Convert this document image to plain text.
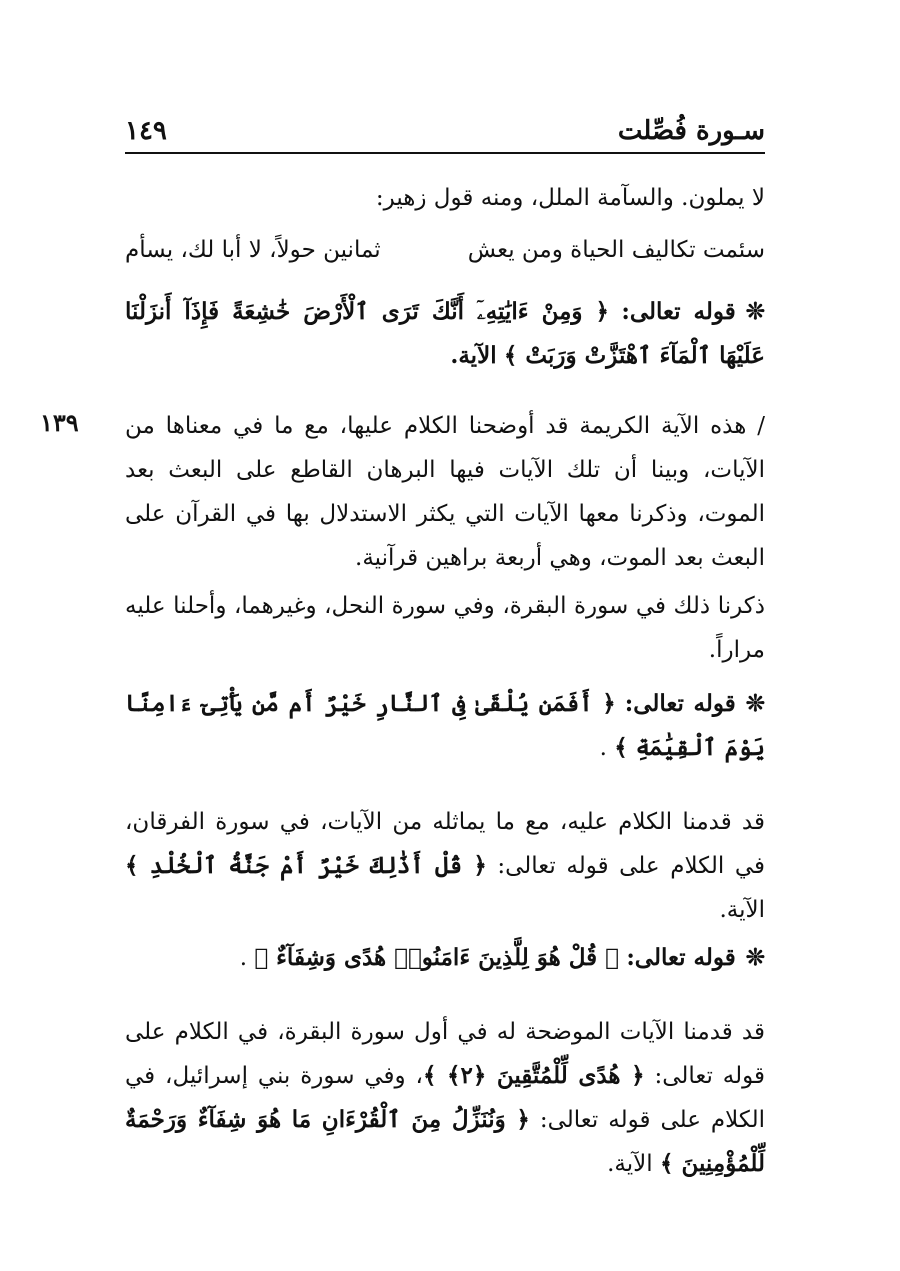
سـورة فُصِّلت
١٤٩
لا يملون. والسآمة الملل، ومنه قول زهير:
سئمت تكاليف الحياة ومن يعش
ثمانين حولاً، لا أبا لك، يسأم
❊قوله تعالى: ﴿ وَمِنْ ءَايَٰتِهِۦٓ أَنَّكَ تَرَى ٱلْأَرْضَ خَٰشِعَةً فَإِذَآ أَنزَلْنَا عَلَيْهَا ٱلْمَآءَ ٱهْتَزَّتْ وَرَبَتْ ﴾ الآية.
١٣٩ / هذه الآية الكريمة قد أوضحنا الكلام عليها، مع ما في معناها من الآيات، وبينا أن تلك الآيات فيها البرهان القاطع على البعث بعد الموت، وذكرنا معها الآيات التي يكثر الاستدلال بها في القرآن على البعث بعد الموت، وهي أربعة براهين قرآنية.
ذكرنا ذلك في سورة البقرة، وفي سورة النحل، وغيرهما، وأحلنا عليه مراراً.
❊قوله تعالى: ﴿ أَفَمَن يُلْقَىٰ فِى ٱلنَّارِ خَيْرٌ أَم مَّن يَأْتِىٓ ءَامِنًا يَوْمَ ٱلْقِيَٰمَةِ ﴾ .
قد قدمنا الكلام عليه، مع ما يماثله من الآيات، في سورة الفرقان، في الكلام على قوله تعالى: ﴿ قُلْ أَذَٰلِكَ خَيْرٌ أَمْ جَنَّةُ ٱلْخُلْدِ ﴾ الآية.
❊قوله تعالى: ﴿ قُلْ هُوَ لِلَّذِينَ ءَامَنُوا۟ هُدًى وَشِفَآءٌ ﴾ .
قد قدمنا الآيات الموضحة له في أول سورة البقرة، في الكلام على قوله تعالى: ﴿ هُدًى لِّلْمُتَّقِينَ ﴿٢﴾ ﴾، وفي سورة بني إسرائيل، في الكلام على قوله تعالى: ﴿ وَنُنَزِّلُ مِنَ ٱلْقُرْءَانِ مَا هُوَ شِفَآءٌ وَرَحْمَةٌ لِّلْمُؤْمِنِينَ ﴾ الآية.
